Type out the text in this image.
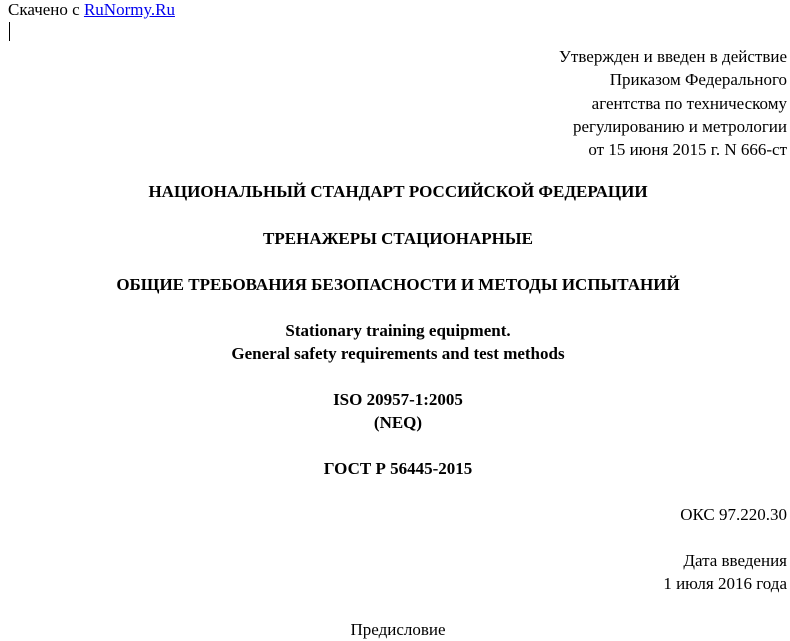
Скачено с RuNormy.Ru
Утвержден и введен в действие
Приказом Федерального
агентства по техническому
регулированию и метрологии
от 15 июня 2015 г. N 666-ст
НАЦИОНАЛЬНЫЙ СТАНДАРТ РОССИЙСКОЙ ФЕДЕРАЦИИ
ТРЕНАЖЕРЫ СТАЦИОНАРНЫЕ
ОБЩИЕ ТРЕБОВАНИЯ БЕЗОПАСНОСТИ И МЕТОДЫ ИСПЫТАНИЙ
Stationary training equipment.
General safety requirements and test methods
ISO 20957-1:2005
(NEQ)
ГОСТ Р 56445-2015
ОКС 97.220.30
Дата введения
1 июля 2016 года
Предисловие
